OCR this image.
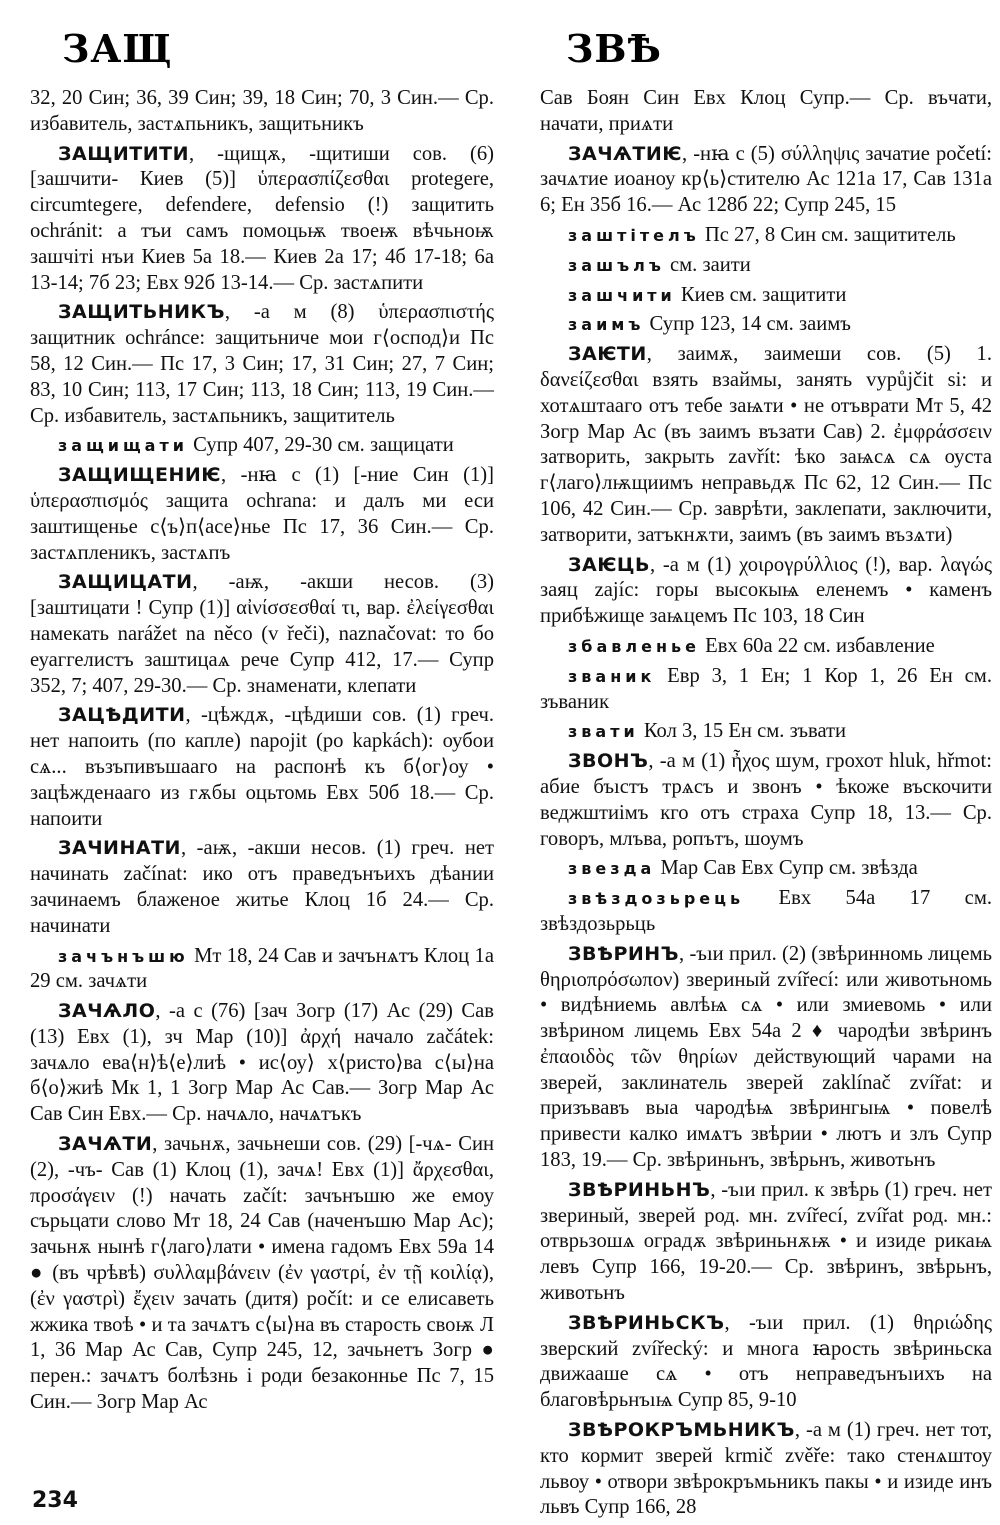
ЗАЩ	ЗВѢ

32, 20 Син; 36, 39 Син; 39, 18 Син; 70, 3 Син.— Ср. избавитель, застѧпьникъ, защитьникъ

ЗАЩИТИТИ, -щищѫ, -щитиши сов. (6) [зашчити- Киев (5)] ὑπερασπίζεσθαι protegere, circumtegere, defendere, defensio (!) защитить ochránit: а тъи самъ помоцьѭ твоеѭ вѣчьноѭ зашчіті нъи Киев 5а 18.— Киев 2а 17; 4б 17-18; 6а 13-14; 7б 23; Евх 92б 13-14.— Ср. застѧпити

ЗАЩИТЬНИКЪ, -а м (8) ὑπερασπιστής защитник ochránce: защитьниче мои г⟨оспод⟩и Пс 58, 12 Син.— Пс 17, 3 Син; 17, 31 Син; 27, 7 Син; 83, 10 Син; 113, 17 Син; 113, 18 Син; 113, 19 Син.— Ср. избавитель, застѧпьникъ, защититель

защищати Супр 407, 29-30 см. защицати

ЗАЩИЩЕНИѤ, -нꙗ с (1) [-ние Син (1)] ὑπερασπισμός защита ochrana: и далъ ми еси заштищенье с⟨ъ⟩п⟨асе⟩нье Пс 17, 36 Син.— Ср. застѧпленикъ, застѧпъ

ЗАЩИЦАТИ, -аѭ, -акши несов. (3) [заштицати ! Супр (1)] αἰνίσσεσθαί τι, вар. ἐλείγεσθαι намекать narážet na něco (v řeči), naznačovat: то бо еуаггелистъ заштицаѧ рече Супр 412, 17.— Супр 352, 7; 407, 29-30.— Ср. знаменати, клепати

ЗАЦѢДИТИ, -цѣждѫ, -цѣдиши сов. (1) греч. нет напоить (по капле) napojit (po kapkách): оубои сѧ... възъпивъшааго на распонѣ къ б⟨ог⟩оу • зацѣжденааго из гѫбы оцьтомь Евх 50б 18.— Ср. напоити

ЗАЧИНАТИ, -аѭ, -акши несов. (1) греч. нет начинать začínat: ико отъ праведънъихъ дѣании зачинаемъ блаженое житье Клоц 1б 24.— Ср. начинати

зачънъшю Мт 18, 24 Сав и зачънѧтъ Клоц 1а 29 см. зачѧти

ЗАЧѦЛО, -а с (76) [зач Зогр (17) Ас (29) Сав (13) Евх (1), зч Мар (10)] ἀρχή начало začátek: зачѧло ева⟨н⟩ѣ⟨е⟩лиѣ • ис⟨оу⟩ х⟨ристо⟩ва с⟨ы⟩на б⟨о⟩жиѣ Мк 1, 1 Зогр Мар Ас Сав.— Зогр Мар Ас Сав Син Евх.— Ср. начѧло, начѧтъкъ

ЗАЧѦТИ, зачьнѫ, зачьнеши сов. (29) [-чѧ- Син (2), -чъ- Сав (1) Клоц (1), зачѧ! Евх (1)] ἄρχεσθαι, προσάγειν (!) начать začít: зачънъшю же емоу сърьцати слово Мт 18, 24 Сав (наченъшю Мар Ас); зачьнѫ нынѣ г⟨лаго⟩лати • имена гадомъ Евх 59а 14 ● (въ чрѣвѣ) συλλαμβάνειν (ἐν γαστρί, ἐν τῇ κοιλίᾳ), (ἐν γαστρὶ) ἔχειν зачать (дитя) počít: и се елисаветь жжика твоѣ • и та зачѧтъ с⟨ы⟩на въ старость своѭ Л 1, 36 Мар Ас Сав, Супр 245, 12, зачьнетъ Зогр ● перен.: зачѧтъ болѣзнь і роди безаконнье Пс 7, 15 Син.— Зогр Мар Ас

Сав Боян Син Евх Клоц Супр.— Ср. въчати, начати, приѧти

ЗАЧѦТИѤ, -нꙗ с (5) σύλληψις зачатие početí: зачѧтие иоаноу кр⟨ь⟩стителю Ас 121а 17, Сав 131а 6; Ен 35б 16.— Ас 128б 22; Супр 245, 15

заштітелъ Пс 27, 8 Син см. защититель

зашълъ см. заити

зашчити Киев см. защитити

заимъ Супр 123, 14 см. заимъ

ЗАѤТИ, заимѫ, заимеши сов. (5) 1. δανείζεσθαι взять взаймы, занять vypůjčit si: и хотѧштааго отъ тебе заѩти • не отъврати Мт 5, 42 Зогр Мар Ас (въ заимъ възати Сав) 2. ἐμφράσσειν затворить, закрыть zavřít: ѣко заѩсѧ сѧ оуста г⟨лаго⟩лѭщиимъ неправьдѫ Пс 62, 12 Син.— Пс 106, 42 Син.— Ср. заврѣти, заклепати, заключити, затворити, затъкнѫти, заимъ (въ заимъ възѧти)

ЗАѤЦЬ, -а м (1) χοιρογρύλλιος (!), вар. λαγώς заяц zajíc: горы высокыѩ еленемъ • каменъ прибѣжище заѩцемъ Пс 103, 18 Син

збавленье Евх 60а 22 см. избавление

званик Евр 3, 1 Ен; 1 Кор 1, 26 Ен см. зъваник

звати Кол 3, 15 Ен см. зъвати

ЗВОНЪ, -а м (1) ἦχος шум, грохот hluk, hřmot: абие бъıстъ трѧсъ и звонъ • ѣкоже въскочити веджштиімъ кго отъ страха Супр 18, 13.— Ср. говоръ, млъва, ропътъ, шоумъ

звезда Мар Сав Евх Супр см. звѣзда

звѣздозьрець Евх 54а 17 см. звѣздозьрьць

ЗВѢРИНЪ, -ъıи прил. (2) (звѣринномь лицемь θηριοπρόσωπον) звериный zvířecí: или животьномь • видѣниемь авлѣѩ сѧ • или змиевомь • или звѣрином лицемь Евх 54а 2 ♦ чародѣи звѣринъ ἐπαοιδὸς τῶν θηρίων действующий чарами на зверей, заклинатель зверей zaklínač zvířat: и призъвавъ выа чародѣѩ звѣрингыѩ • повелѣ привести калко имѧтъ звѣрии • лютъ и злъ Супр 183, 19.— Ср. звѣриньнъ, звѣрьнъ, животьнъ

ЗВѢРИНЬНЪ, -ъıи прил. к звѣрь (1) греч. нет звериный, зверей род. мн. zvířecí, zvířat род. мн.: отврьзошѧ оградѫ звѣриньнѫѭ • и изиде рикаѩ левъ Супр 166, 19-20.— Ср. звѣринъ, звѣрьнъ, животьнъ

ЗВѢРИНЬСКЪ, -ъıи прил. (1) θηριώδης зверский zvířecký: и многа ꙗрость звѣриньска движааше сѧ • отъ неправедънъıихъ на благовѣрьнъıѩ Супр 85, 9-10

ЗВѢРОКРЪМЬНИКЪ, -а м (1) греч. нет тот, кто кормит зверей krmič zvěře: тако стенѧштоу львоу • отвори звѣрокръмьникъ пакы • и изиде инъ львъ Супр 166, 28

234
